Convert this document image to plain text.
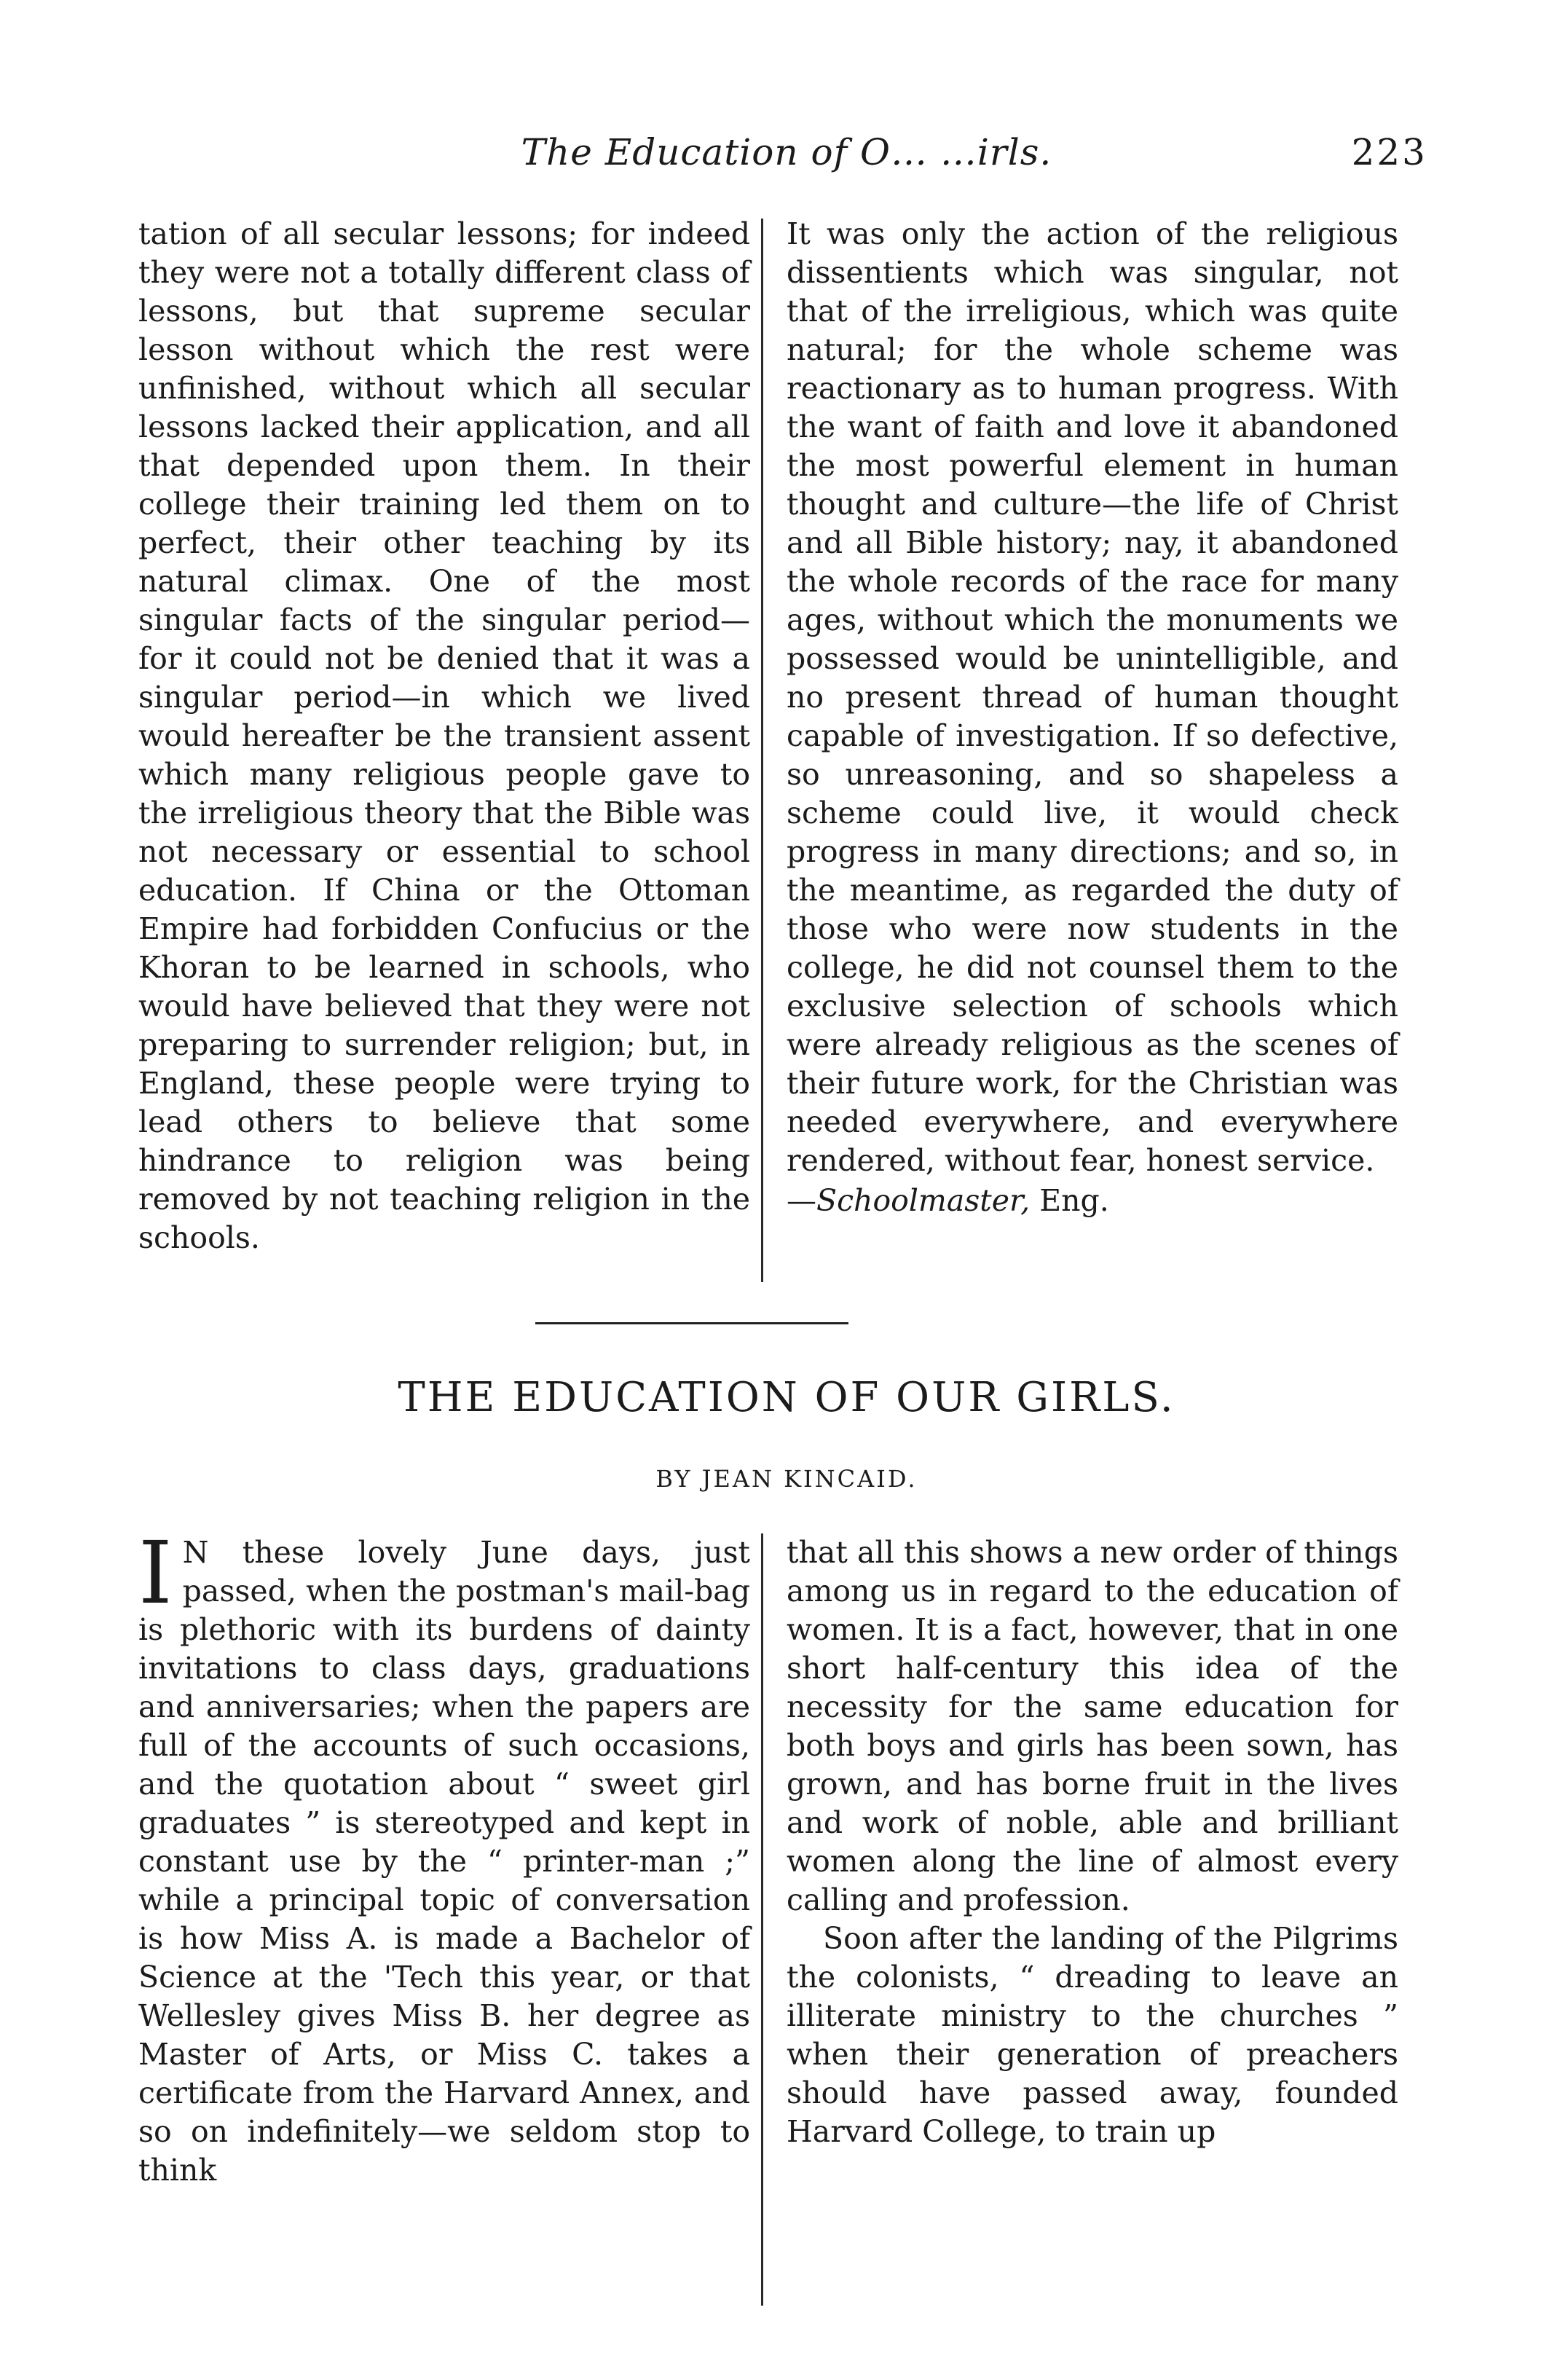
The Education of O… …irls.	223

tation of all secular lessons; for indeed they were not a totally different class of lessons, but that supreme secular lesson without which the rest were unfinished, without which all secular lessons lacked their application, and all that depended upon them. In their college their training led them on to perfect, their other teaching by its natural climax. One of the most singular facts of the singular period—for it could not be denied that it was a singular period—in which we lived would hereafter be the transient assent which many religious people gave to the irreligious theory that the Bible was not necessary or essential to school education. If China or the Ottoman Empire had forbidden Confucius or the Khoran to be learned in schools, who would have believed that they were not preparing to surrender religion; but, in England, these people were trying to lead others to believe that some hindrance to religion was being removed by not teaching religion in the schools.

It was only the action of the religious dissentients which was singular, not that of the irreligious, which was quite natural; for the whole scheme was reactionary as to human progress. With the want of faith and love it abandoned the most powerful element in human thought and culture—the life of Christ and all Bible history; nay, it abandoned the whole records of the race for many ages, without which the monuments we possessed would be unintelligible, and no present thread of human thought capable of investigation. If so defective, so unreasoning, and so shapeless a scheme could live, it would check progress in many directions; and so, in the meantime, as regarded the duty of those who were now students in the college, he did not counsel them to the exclusive selection of schools which were already religious as the scenes of their future work, for the Christian was needed everywhere, and everywhere rendered, without fear, honest service.
—Schoolmaster, Eng.

THE EDUCATION OF OUR GIRLS.
BY JEAN KINCAID.

I N these lovely June days, just passed, when the postman's mail-bag is plethoric with its burdens of dainty invitations to class days, graduations and anniversaries; when the papers are full of the accounts of such occasions, and the quotation about “ sweet girl graduates ” is stereotyped and kept in constant use by the “ printer-man ;” while a principal topic of conversation is how Miss A. is made a Bachelor of Science at the 'Tech this year, or that Wellesley gives Miss B. her degree as Master of Arts, or Miss C. takes a certificate from the Harvard Annex, and so on indefinitely—we seldom stop to think

that all this shows a new order of things among us in regard to the education of women. It is a fact, however, that in one short half-century this idea of the necessity for the same education for both boys and girls has been sown, has grown, and has borne fruit in the lives and work of noble, able and brilliant women along the line of almost every calling and profession.

Soon after the landing of the Pilgrims the colonists, “ dreading to leave an illiterate ministry to the churches ” when their generation of preachers should have passed away, founded Harvard College, to train up
